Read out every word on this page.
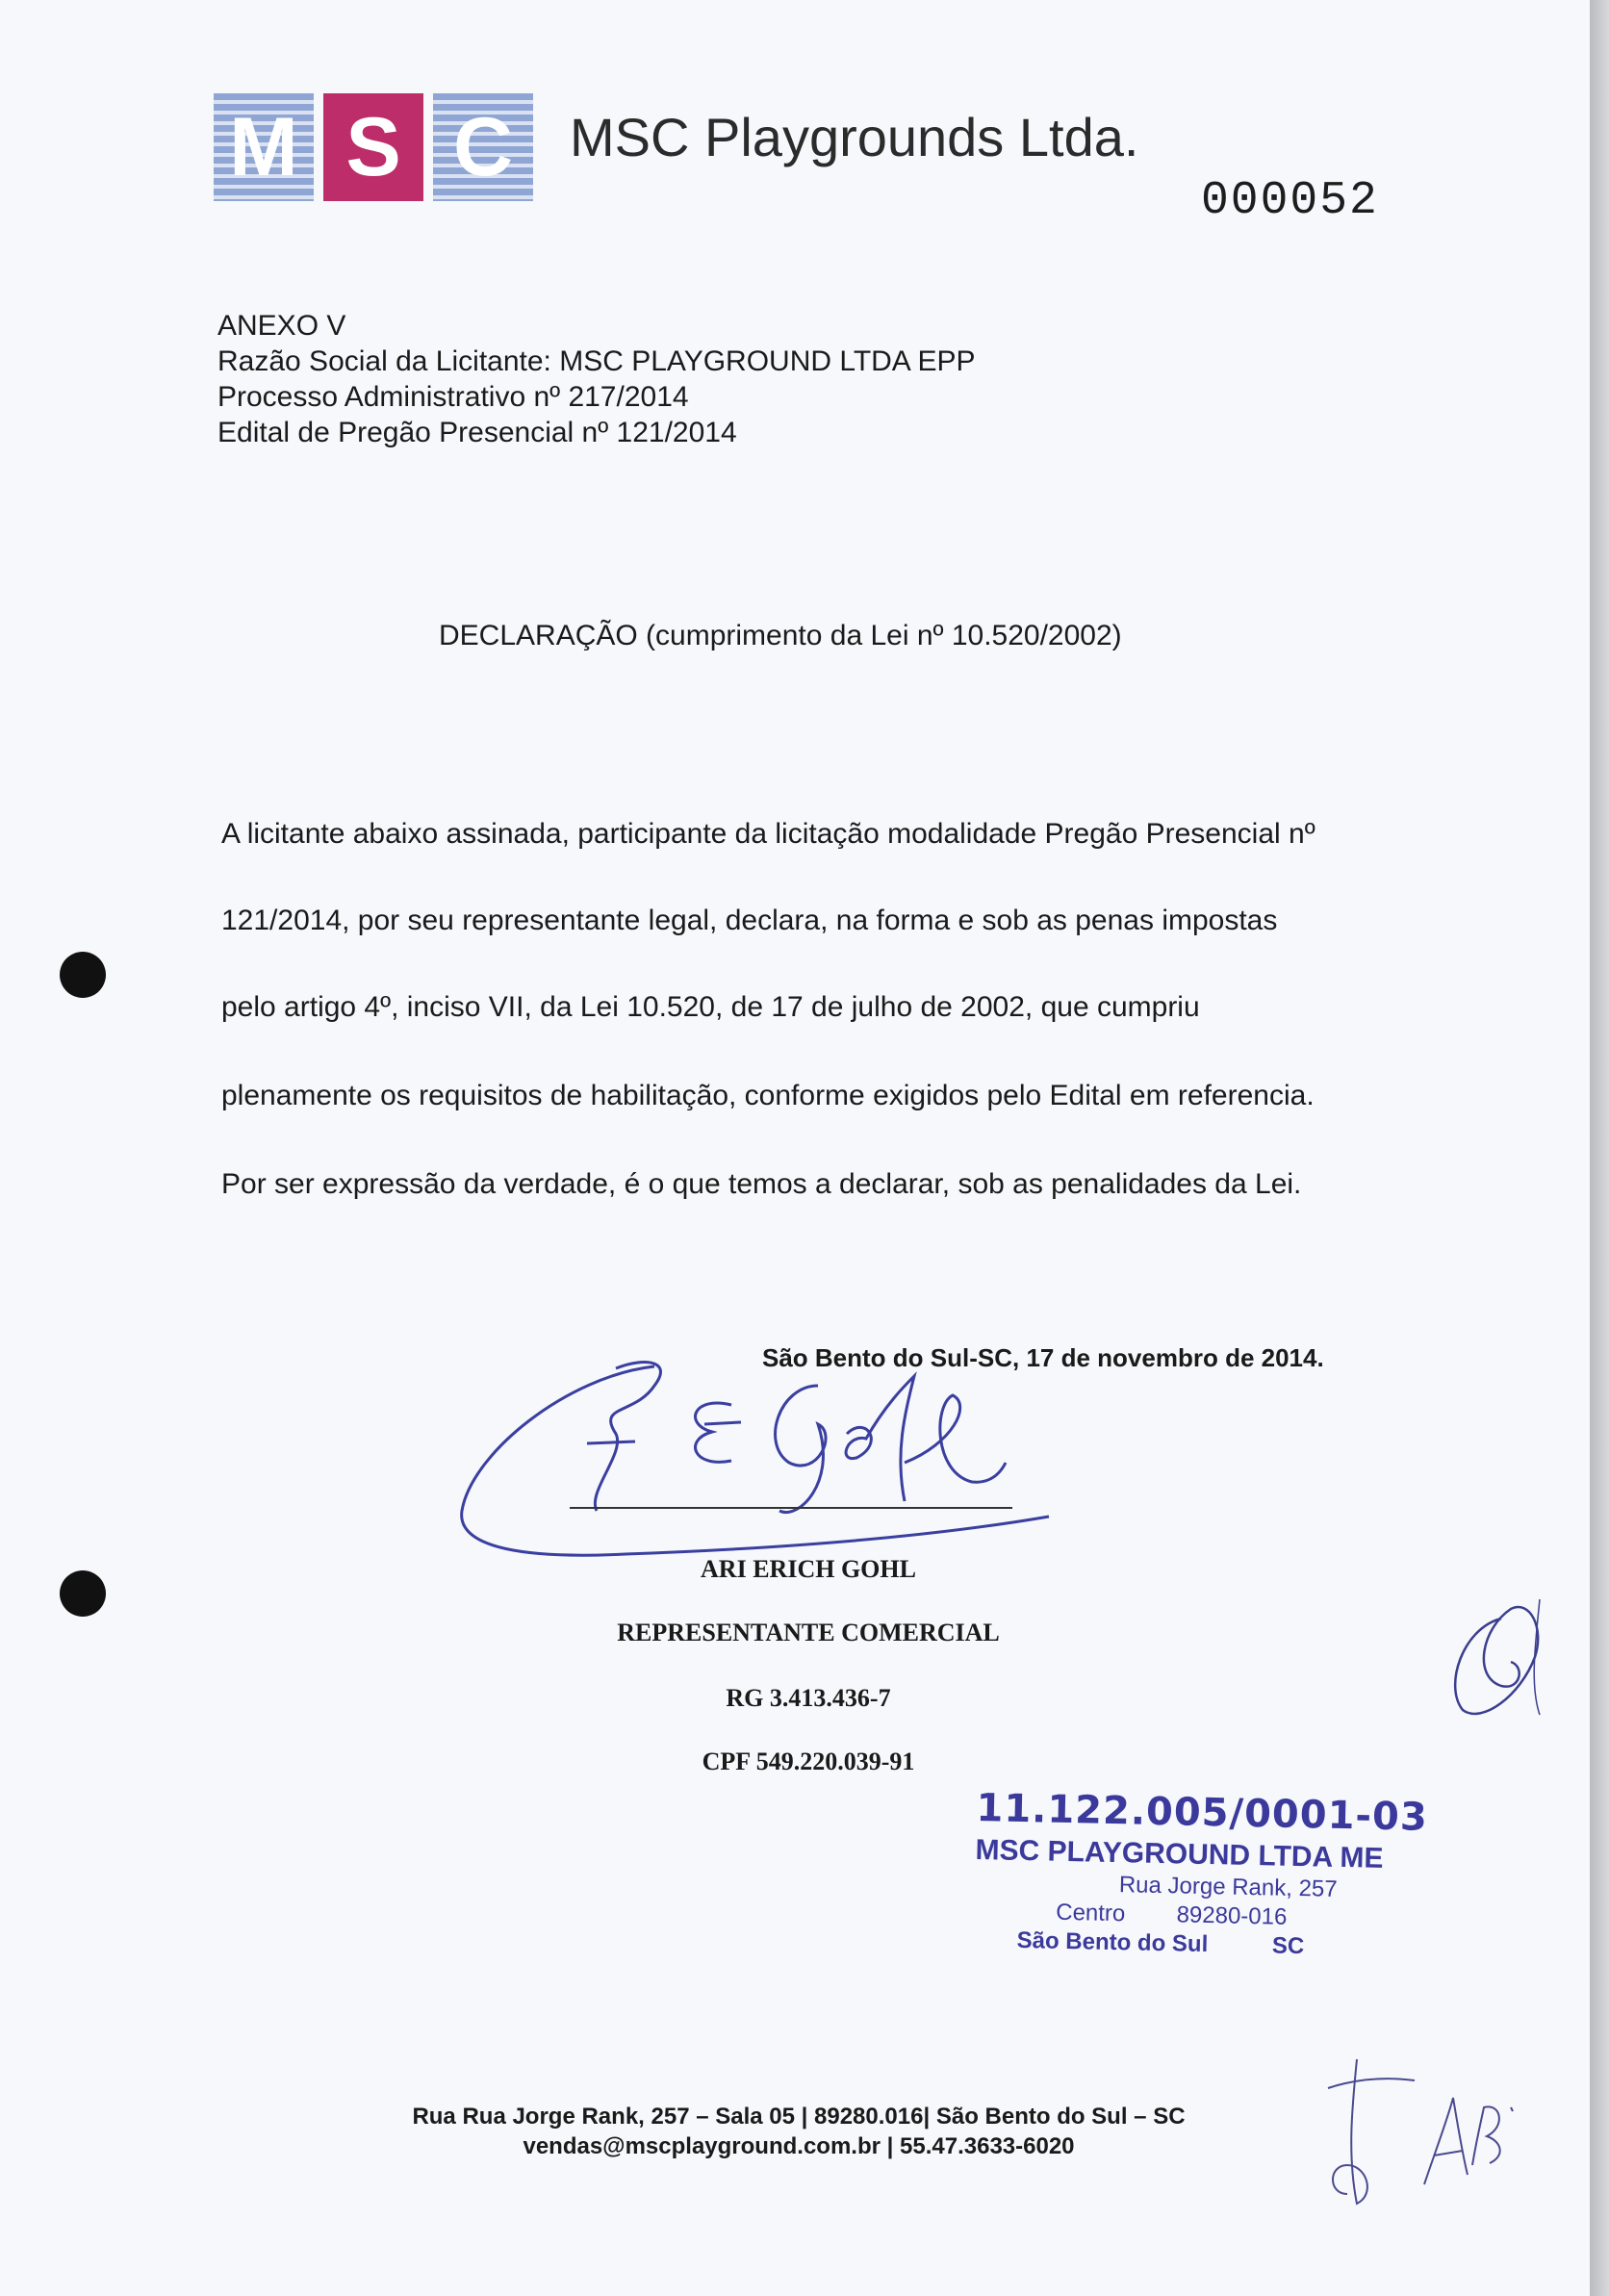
M S C	MSC Playgrounds Ltda.
000052
ANEXO V
Razão Social da Licitante: MSC PLAYGROUND LTDA EPP
Processo Administrativo nº 217/2014
Edital de Pregão Presencial nº 121/2014
DECLARAÇÃO (cumprimento da Lei nº 10.520/2002)
A licitante abaixo assinada, participante da licitação modalidade Pregão Presencial nº
121/2014, por seu representante legal, declara, na forma e sob as penas impostas
pelo artigo 4º, inciso VII, da Lei 10.520, de 17 de julho de 2002, que cumpriu
plenamente os requisitos de habilitação, conforme exigidos pelo Edital em referencia.
Por ser expressão da verdade, é o que temos a declarar, sob as penalidades da Lei.
São Bento do Sul-SC, 17 de novembro de 2014.
ARI ERICH GOHL
REPRESENTANTE COMERCIAL
RG 3.413.436-7
CPF 549.220.039-91
11.122.005/0001-03
MSC PLAYGROUND LTDA ME
Rua Jorge Rank, 257
Centro        89280-016
São Bento do Sul          SC
Rua Rua Jorge Rank, 257 – Sala 05 | 89280.016| São Bento do Sul – SC
vendas@mscplayground.com.br | 55.47.3633-6020
